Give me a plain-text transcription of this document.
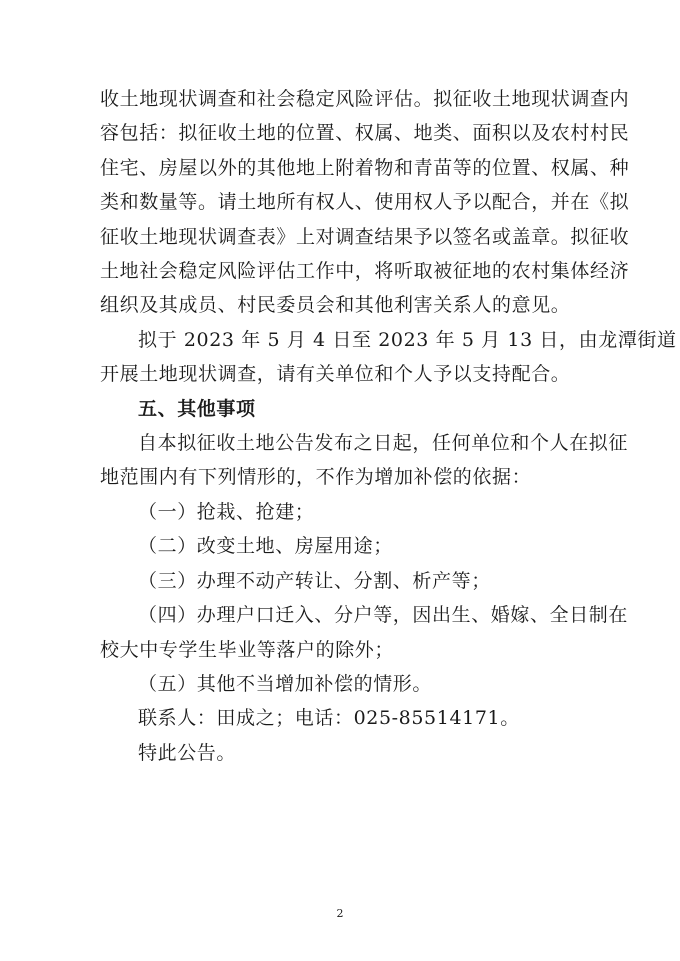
收土地现状调查和社会稳定风险评估。拟征收土地现状调查内
容包括：拟征收土地的位置、权属、地类、面积以及农村村民
住宅、房屋以外的其他地上附着物和青苗等的位置、权属、种
类和数量等。请土地所有权人、使用权人予以配合，并在《拟
征收土地现状调查表》上对调查结果予以签名或盖章。拟征收
土地社会稳定风险评估工作中，将听取被征地的农村集体经济
组织及其成员、村民委员会和其他利害关系人的意见。

拟于 2023 年 5 月 4 日至 2023 年 5 月 13 日，由龙潭街道
开展土地现状调查，请有关单位和个人予以支持配合。

五、其他事项

自本拟征收土地公告发布之日起，任何单位和个人在拟征
地范围内有下列情形的，不作为增加补偿的依据：

（一）抢栽、抢建；

（二）改变土地、房屋用途；

（三）办理不动产转让、分割、析产等；

（四）办理户口迁入、分户等，因出生、婚嫁、全日制在
校大中专学生毕业等落户的除外；

（五）其他不当增加补偿的情形。

联系人：田成之；电话：025-85514171。

特此公告。

2
